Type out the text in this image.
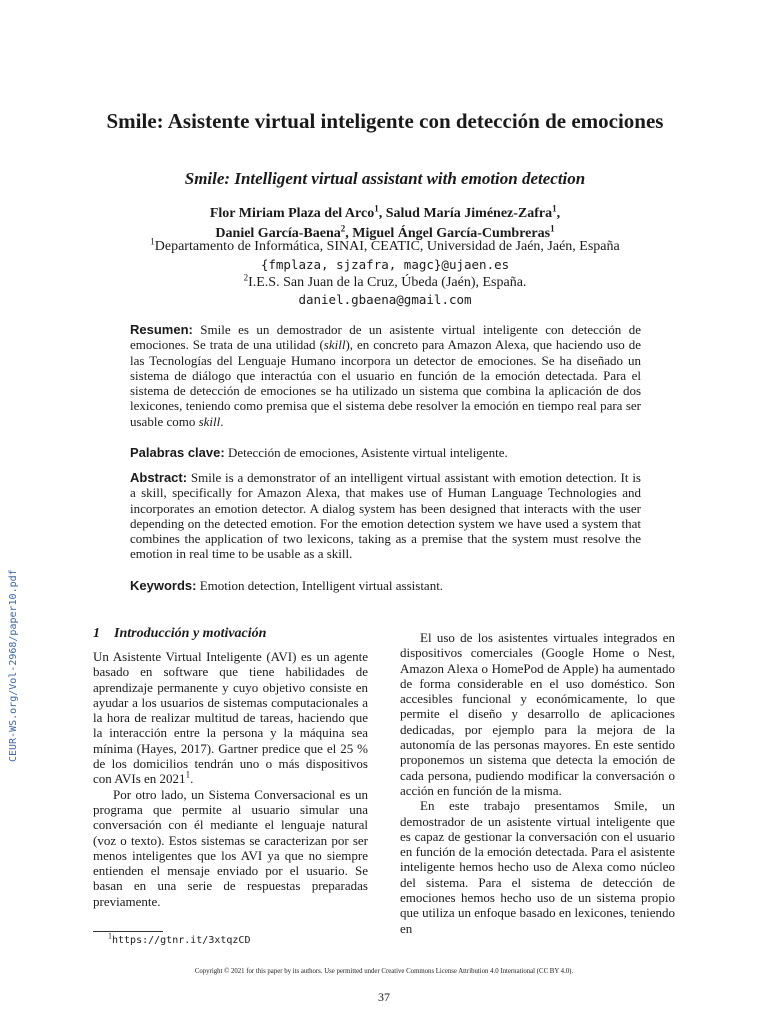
CEUR-WS.org/Vol-2968/paper10.pdf
Smile: Asistente virtual inteligente con detección de emociones
Smile: Intelligent virtual assistant with emotion detection
Flor Miriam Plaza del Arco$^1$, Salud María Jiménez-Zafra$^1$,
Daniel García-Baena$^2$, Miguel Ángel García-Cumbreras$^1$
$^1$Departamento de Informática, SINAI, CEATIC, Universidad de Jaén, Jaén, España
{fmplaza, sjzafra, magc}@ujaen.es
$^2$I.E.S. San Juan de la Cruz, Úbeda (Jaén), España.
daniel.gbaena@gmail.com
Resumen: Smile es un demostrador de un asistente virtual inteligente con detección de emociones. Se trata de una utilidad (skill), en concreto para Amazon Alexa, que haciendo uso de las Tecnologías del Lenguaje Humano incorpora un detector de emociones. Se ha diseñado un sistema de diálogo que interactúa con el usuario en función de la emoción detectada. Para el sistema de detección de emociones se ha utilizado un sistema que combina la aplicación de dos lexicones, teniendo como premisa que el sistema debe resolver la emoción en tiempo real para ser usable como skill.
Palabras clave: Detección de emociones, Asistente virtual inteligente.
Abstract: Smile is a demonstrator of an intelligent virtual assistant with emotion detection. It is a skill, specifically for Amazon Alexa, that makes use of Human Language Technologies and incorporates an emotion detector. A dialog system has been designed that interacts with the user depending on the detected emotion. For the emotion detection system we have used a system that combines the application of two lexicons, taking as a premise that the system must resolve the emotion in real time to be usable as a skill.
Keywords: Emotion detection, Intelligent virtual assistant.
1 Introducción y motivación

Un Asistente Virtual Inteligente (AVI) es un agente basado en software que tiene habilidades de aprendizaje permanente y cuyo objetivo consiste en ayudar a los usuarios de sistemas computacionales a la hora de realizar multitud de tareas, haciendo que la interacción entre la persona y la máquina sea mínima (Hayes, 2017). Gartner predice que el 25 % de los domicilios tendrán uno o más dispositivos con AVIs en 2021$^1$.

Por otro lado, un Sistema Conversacional es un programa que permite al usuario simular una conversación con él mediante el lenguaje natural (voz o texto). Estos sistemas se caracterizan por ser menos inteligentes que los AVI ya que no siempre entienden el mensaje enviado por el usuario. Se basan en una serie de respuestas preparadas previamente.

El uso de los asistentes virtuales integrados en dispositivos comerciales (Google Home o Nest, Amazon Alexa o HomePod de Apple) ha aumentado de forma considerable en el uso doméstico. Son accesibles funcional y económicamente, lo que permite el diseño y desarrollo de aplicaciones dedicadas, por ejemplo para la mejora de la autonomía de las personas mayores. En este sentido proponemos un sistema que detecta la emoción de cada persona, pudiendo modificar la conversación o acción en función de la misma.

En este trabajo presentamos Smile, un demostrador de un asistente virtual inteligente que es capaz de gestionar la conversación con el usuario en función de la emoción detectada. Para el asistente inteligente hemos hecho uso de Alexa como núcleo del sistema. Para el sistema de detección de emociones hemos hecho uso de un sistema propio que utiliza un enfoque basado en lexicones, teniendo en

$^1$https://gtnr.it/3xtqzCD
Copyright © 2021 for this paper by its authors. Use permitted under Creative Commons License Attribution 4.0 International (CC BY 4.0).
37
